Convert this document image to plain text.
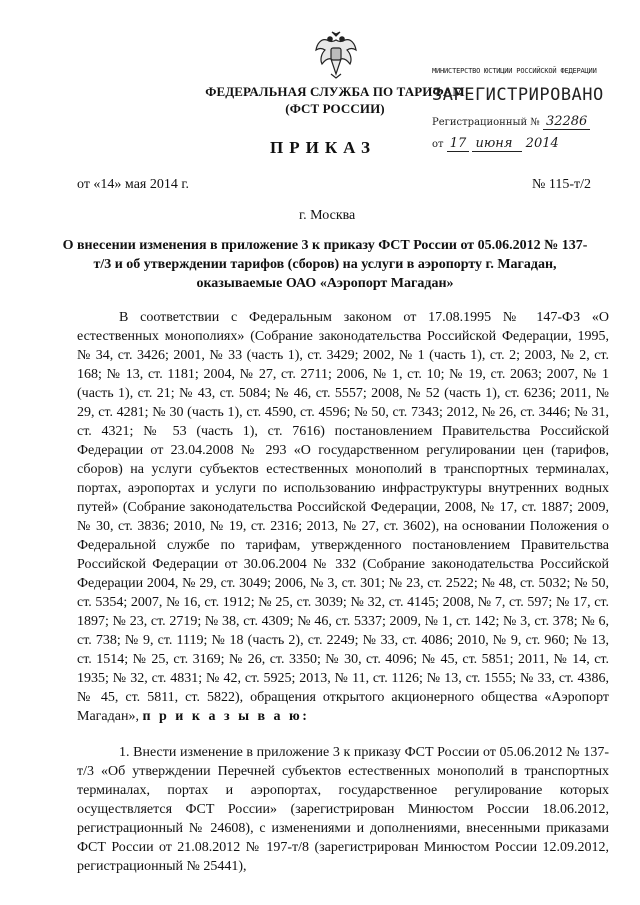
ФЕДЕРАЛЬНАЯ СЛУЖБА ПО ТАРИФАМ
(ФСТ РОССИИ)
МИНИСТЕРСТВО ЮСТИЦИИ РОССИЙСКОЙ ФЕДЕРАЦИИ
ЗАРЕГИСТРИРОВАНО
Регистрационный № 32286
от 17 июня 2014
ПРИКАЗ
от «14» мая 2014 г.	№ 115-т/2
г. Москва
О внесении изменения в приложение 3 к приказу ФСТ России от 05.06.2012 № 137-т/3 и об утверждении тарифов (сборов) на услуги в аэропорту г. Магадан, оказываемые ОАО «Аэропорт Магадан»

В соответствии с Федеральным законом от 17.08.1995 № 147-ФЗ «О естественных монополиях» (Собрание законодательства Российской Федерации, 1995, № 34, ст. 3426; 2001, № 33 (часть 1), ст. 3429; 2002, № 1 (часть 1), ст. 2; 2003, № 2, ст. 168; № 13, ст. 1181; 2004, № 27, ст. 2711; 2006, № 1, ст. 10; № 19, ст. 2063; 2007, № 1 (часть 1), ст. 21; № 43, ст. 5084; № 46, ст. 5557; 2008, № 52 (часть 1), ст. 6236; 2011, № 29, ст. 4281; № 30 (часть 1), ст. 4590, ст. 4596; № 50, ст. 7343; 2012, № 26, ст. 3446; № 31, ст. 4321; № 53 (часть 1), ст. 7616) постановлением Правительства Российской Федерации от 23.04.2008 № 293 «О государственном регулировании цен (тарифов, сборов) на услуги субъектов естественных монополий в транспортных терминалах, портах, аэропортах и услуги по использованию инфраструктуры внутренних водных путей» (Собрание законодательства Российской Федерации, 2008, № 17, ст. 1887; 2009, № 30, ст. 3836; 2010, № 19, ст. 2316; 2013, № 27, ст. 3602), на основании Положения о Федеральной службе по тарифам, утвержденного постановлением Правительства Российской Федерации от 30.06.2004 № 332 (Собрание законодательства Российской Федерации 2004, № 29, ст. 3049; 2006, № 3, ст. 301; № 23, ст. 2522; № 48, ст. 5032; № 50, ст. 5354; 2007, № 16, ст. 1912; № 25, ст. 3039; № 32, ст. 4145; 2008, № 7, ст. 597; № 17, ст. 1897; № 23, ст. 2719; № 38, ст. 4309; № 46, ст. 5337; 2009, № 1, ст. 142; № 3, ст. 378; № 6, ст. 738; № 9, ст. 1119; № 18 (часть 2), ст. 2249; № 33, ст. 4086; 2010, № 9, ст. 960; № 13, ст. 1514; № 25, ст. 3169; № 26, ст. 3350; № 30, ст. 4096; № 45, ст. 5851; 2011, № 14, ст. 1935; № 32, ст. 4831; № 42, ст. 5925; 2013, № 11, ст. 1126; № 13, ст. 1555; № 33, ст. 4386, № 45, ст. 5811, ст. 5822), обращения открытого акционерного общества «Аэропорт Магадан», п р и к а з ы в а ю:

1. Внести изменение в приложение 3 к приказу ФСТ России от 05.06.2012 № 137-т/3 «Об утверждении Перечней субъектов естественных монополий в транспортных терминалах, портах и аэропортах, государственное регулирование которых осуществляется ФСТ России» (зарегистрирован Минюстом России 18.06.2012, регистрационный № 24608), с изменениями и дополнениями, внесенными приказами ФСТ России от 21.08.2012 № 197-т/8 (зарегистрирован Минюстом России 12.09.2012, регистрационный № 25441),
